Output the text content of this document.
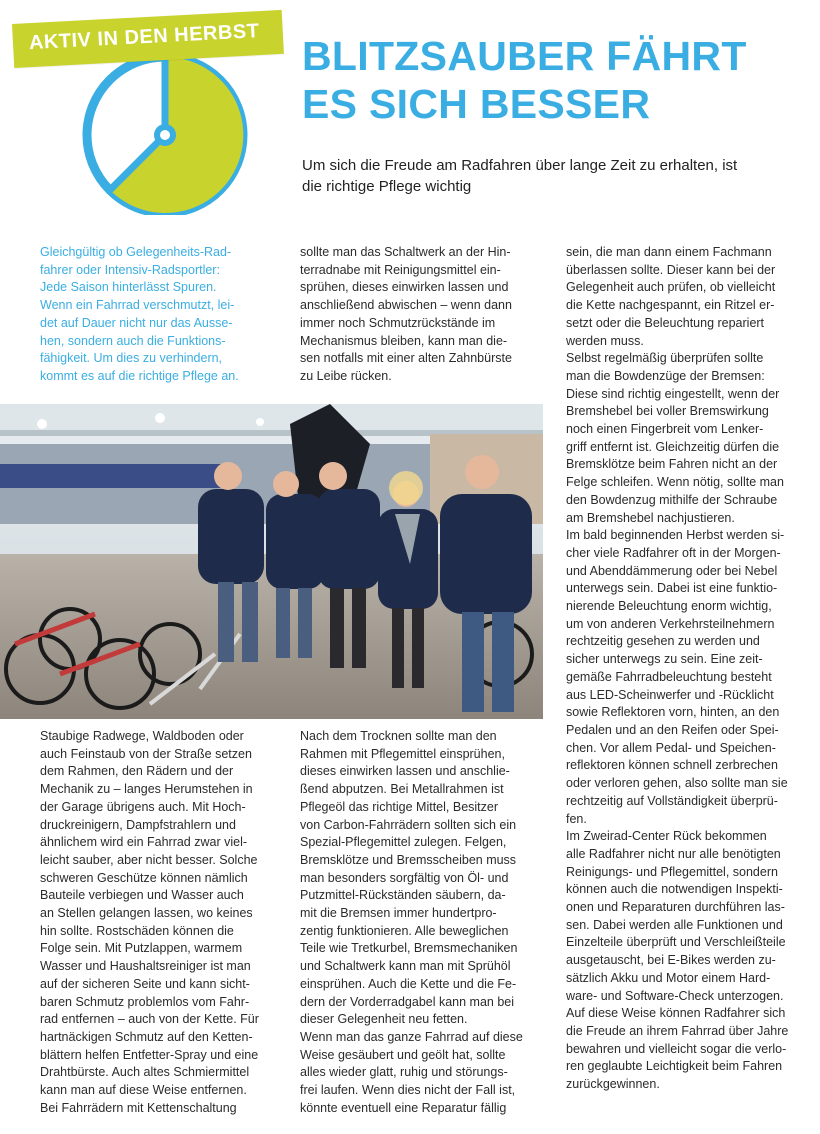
AKTIV IN DEN HERBST BLITZSAUBER FÄHRT
ES SICH BESSER

Um sich die Freude am Radfahren über lange Zeit zu erhalten, ist
die richtige Pflege wichtig

Gleichgültig ob Gelegenheits-Rad-
fahrer oder Intensiv-Radsportler:
Jede Saison hinterlässt Spuren.
Wenn ein Fahrrad verschmutzt, lei-
det auf Dauer nicht nur das Ausse-
hen, sondern auch die Funktions-
fähigkeit. Um dies zu verhindern,
kommt es auf die richtige Pflege an.

sollte man das Schaltwerk an der Hin-
terradnabe mit Reinigungsmittel ein-
sprühen, dieses einwirken lassen und
anschließend abwischen – wenn dann
immer noch Schmutzrückstände im
Mechanismus bleiben, kann man die-
sen notfalls mit einer alten Zahnbürste
zu Leibe rücken.

sein, die man dann einem Fachmann
überlassen sollte. Dieser kann bei der
Gelegenheit auch prüfen, ob vielleicht
die Kette nachgespannt, ein Ritzel er-
setzt oder die Beleuchtung repariert
werden muss.

Selbst regelmäßig überprüfen sollte
man die Bowdenzüge der Bremsen:
Diese sind richtig eingestellt, wenn der
Bremshebel bei voller Bremswirkung
noch einen Fingerbreit vom Lenker-
griff entfernt ist. Gleichzeitig dürfen die
Bremsklötze beim Fahren nicht an der
Felge schleifen. Wenn nötig, sollte man
den Bowdenzug mithilfe der Schraube
am Bremshebel nachjustieren.

Im bald beginnenden Herbst werden si-
cher viele Radfahrer oft in der Morgen-
und Abenddämmerung oder bei Nebel
unterwegs sein. Dabei ist eine funktio-
nierende Beleuchtung enorm wichtig,
um von anderen Verkehrsteilnehmern
rechtzeitig gesehen zu werden und
sicher unterwegs zu sein. Eine zeit-
gemäße Fahrradbeleuchtung besteht
aus LED-Scheinwerfer und -Rücklicht
sowie Reflektoren vorn, hinten, an den
Pedalen und an den Reifen oder Spei-
chen. Vor allem Pedal- und Speichen-
reflektoren können schnell zerbrechen
oder verloren gehen, also sollte man sie
rechtzeitig auf Vollständigkeit überprü-
fen.

Im Zweirad-Center Rück bekommen
alle Radfahrer nicht nur alle benötigten
Reinigungs- und Pflegemittel, sondern
können auch die notwendigen Inspekti-
onen und Reparaturen durchführen las-
sen. Dabei werden alle Funktionen und
Einzelteile überprüft und Verschleißteile
ausgetauscht, bei E-Bikes werden zu-
sätzlich Akku und Motor einem Hard-
ware- und Software-Check unterzogen.
Auf diese Weise können Radfahrer sich
die Freude an ihrem Fahrrad über Jahre
bewahren und vielleicht sogar die verlo-
ren geglaubte Leichtigkeit beim Fahren
zurückgewinnen.

Staubige Radwege, Waldboden oder
auch Feinstaub von der Straße setzen
dem Rahmen, den Rädern und der
Mechanik zu – langes Herumstehen in
der Garage übrigens auch. Mit Hoch-
druckreinigern, Dampfstrahlern und
ähnlichem wird ein Fahrrad zwar viel-
leicht sauber, aber nicht besser. Solche
schweren Geschütze können nämlich
Bauteile verbiegen und Wasser auch
an Stellen gelangen lassen, wo keines
hin sollte. Rostschäden können die
Folge sein. Mit Putzlappen, warmem
Wasser und Haushaltsreiniger ist man
auf der sicheren Seite und kann sicht-
baren Schmutz problemlos vom Fahr-
rad entfernen – auch von der Kette. Für
hartnäckigen Schmutz auf den Ketten-
blättern helfen Entfetter-Spray und eine
Drahtbürste. Auch altes Schmiermittel
kann man auf diese Weise entfernen.
Bei Fahrrädern mit Kettenschaltung

Nach dem Trocknen sollte man den
Rahmen mit Pflegemittel einsprühen,
dieses einwirken lassen und anschlie-
ßend abputzen. Bei Metallrahmen ist
Pflegeöl das richtige Mittel, Besitzer
von Carbon-Fahrrädern sollten sich ein
Spezial-Pflegemittel zulegen. Felgen,
Bremsklötze und Bremsscheiben muss
man besonders sorgfältig von Öl- und
Putzmittel-Rückständen säubern, da-
mit die Bremsen immer hundertpro-
zentig funktionieren. Alle beweglichen
Teile wie Tretkurbel, Bremsmechaniken
und Schaltwerk kann man mit Sprühöl
einsprühen. Auch die Kette und die Fe-
dern der Vorderradgabel kann man bei
dieser Gelegenheit neu fetten.

Wenn man das ganze Fahrrad auf diese
Weise gesäubert und geölt hat, sollte
alles wieder glatt, ruhig und störungs-
frei laufen. Wenn dies nicht der Fall ist,
könnte eventuell eine Reparatur fällig
